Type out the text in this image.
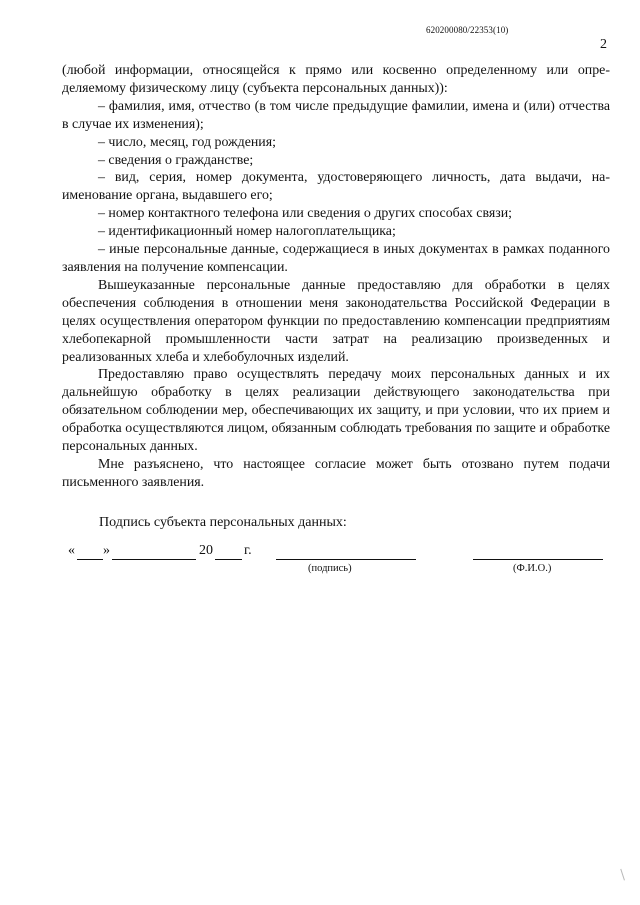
620200080/22353(10)
2

(любой информации, относящейся к прямо или косвенно определенному или определяемому физическому лицу (субъекта персональных данных)):

– фамилия, имя, отчество (в том числе предыдущие фамилии, имена и (или) отчества в случае их изменения);

– число, месяц, год рождения;

– сведения о гражданстве;

– вид, серия, номер документа, удостоверяющего личность, дата выдачи, наименование органа, выдавшего его;

– номер контактного телефона или сведения о других способах связи;

– идентификационный номер налогоплательщика;

– иные персональные данные, содержащиеся в иных документах в рамках поданного заявления на получение компенсации.

Вышеуказанные персональные данные предоставляю для обработки в целях обеспечения соблюдения в отношении меня законодательства Российской Федерации в целях осуществления оператором функции по предоставлению компенсации предприятиям хлебопекарной промышленности части затрат на реализацию произведенных и реализованных хлеба и хлебобулочных изделий.

Предоставляю право осуществлять передачу моих персональных данных и их дальнейшую обработку в целях реализации действующего законодательства при обязательном соблюдении мер, обеспечивающих их защиту, и при условии, что их прием и обработка осуществляются лицом, обязанным соблюдать требования по защите и обработке персональных данных.

Мне разъяснено, что настоящее согласие может быть отозвано путем подачи письменного заявления.

Подпись субъекта персональных данных:
« »	20 г.
(подпись)	(Ф.И.О.)
